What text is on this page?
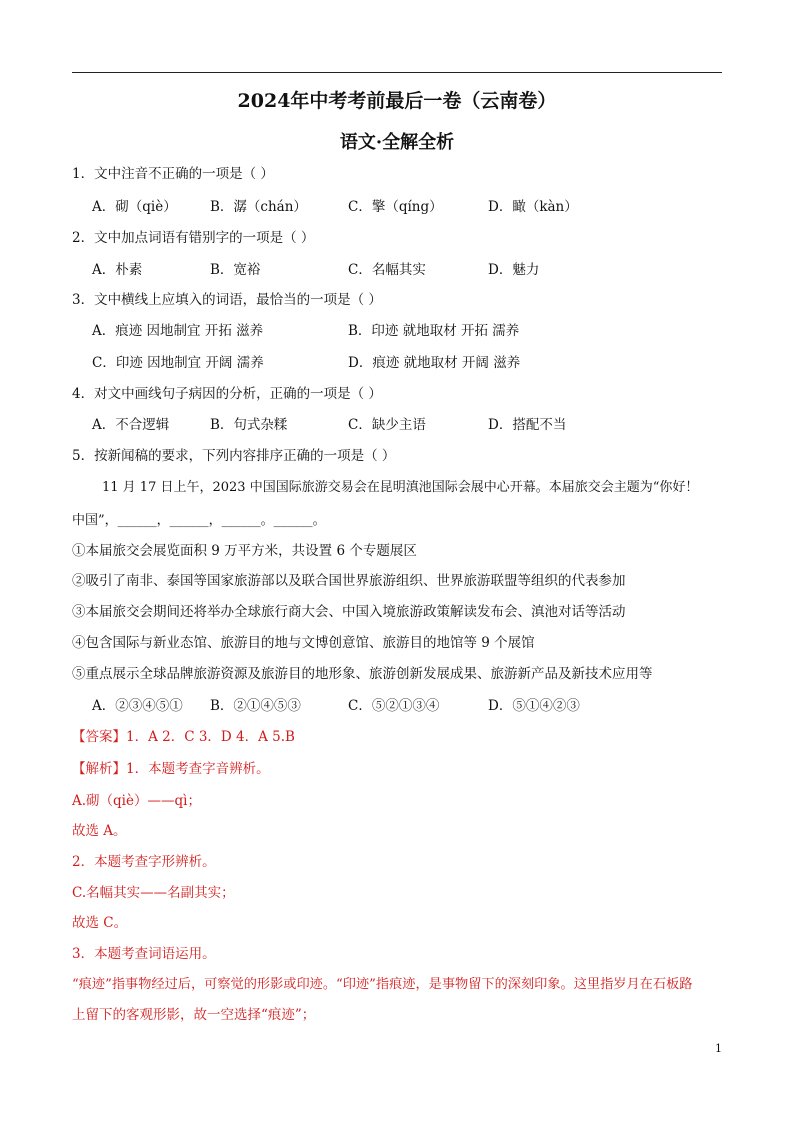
2024年中考考前最后一卷（云南卷）
语文·全解全析
1．文中注音不正确的一项是（ ）
A．砌（qiè） B．潺（chán）	C．擎（qíng）	D．瞰（kàn）
2．文中加点词语有错别字的一项是（ ）
A．朴素	B．宽裕	C．名幅其实	D．魅力
3．文中横线上应填入的词语，最恰当的一项是（ ）
A．痕迹 因地制宜 开拓 滋养	B．印迹 就地取材 开拓 濡养
C．印迹 因地制宜 开阔 濡养	D．痕迹 就地取材 开阔 滋养
4．对文中画线句子病因的分析，正确的一项是（ ）
A．不合逻辑	B．句式杂糅	C．缺少主语	D．搭配不当
5．按新闻稿的要求，下列内容排序正确的一项是（ ）
11 月 17 日上午，2023 中国国际旅游交易会在昆明滇池国际会展中心开幕。本届旅交会主题为“你好！
中国”，______，______，______。______。
①本届旅交会展览面积 9 万平方米，共设置 6 个专题展区
②吸引了南非、泰国等国家旅游部以及联合国世界旅游组织、世界旅游联盟等组织的代表参加
③本届旅交会期间还将举办全球旅行商大会、中国入境旅游政策解读发布会、滇池对话等活动
④包含国际与新业态馆、旅游目的地与文博创意馆、旅游目的地馆等 9 个展馆
⑤重点展示全球品牌旅游资源及旅游目的地形象、旅游创新发展成果、旅游新产品及新技术应用等
A．②③④⑤① B．②①④⑤③	C．⑤②①③④	D．⑤①④②③
【答案】1．A 2．C 3．D 4．A 5.B
【解析】1．本题考查字音辨析。
A.砌（qiè）——qì；
故选 A。
2．本题考查字形辨析。
C.名幅其实——名副其实；
故选 C。
3．本题考查词语运用。
“痕迹”指事物经过后，可察觉的形影或印迹。“印迹”指痕迹，是事物留下的深刻印象。这里指岁月在石板路
上留下的客观形影，故一空选择“痕迹”；
1
